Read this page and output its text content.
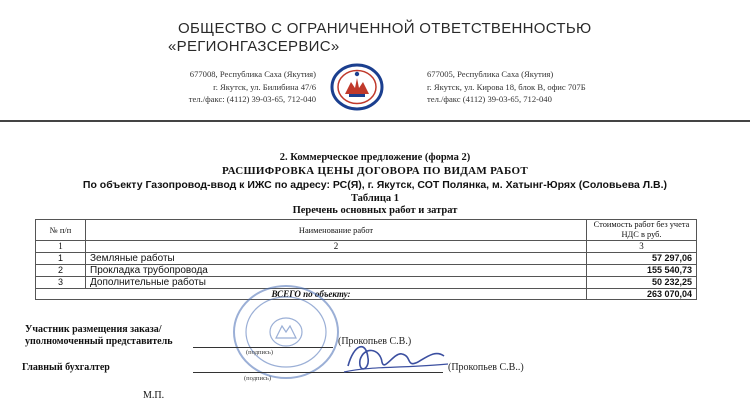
ОБЩЕСТВО С ОГРАНИЧЕННОЙ ОТВЕТСТВЕННОСТЬЮ
«РЕГИОНГАЗСЕРВИС»
677008, Республика Саха (Якутия)
г. Якутск, ул. Билибина 47/6
тел./факс: (4112) 39-03-65, 712-040
677005, Республика Саха (Якутия)
г. Якутск, ул. Кирова 18, блок В, офис 707Б
тел./факс (4112) 39-03-65, 712-040
2. Коммерческое предложение (форма 2)
РАСШИФРОВКА ЦЕНЫ ДОГОВОРА ПО ВИДАМ РАБОТ
По объекту Газопровод-ввод к ИЖС по адресу: РС(Я), г. Якутск, СОТ Полянка, м. Хатынг-Юрях (Соловьева Л.В.)
Таблица 1
Перечень основных работ и затрат
№ п/п	Наименование работ	Стоимость работ без учета НДС в руб.
1	2	3
1	Земляные работы	57 297,06
2	Прокладка трубопровода	155 540,73
3	Дополнительные работы	50 232,25
ВСЕГО по объекту:		263 070,04
Участник размещения заказа/
уполномоченный представитель
(подпись)
(Прокопьев С.В.)
Главный бухгалтер
(подпись)
(Прокопьев С.В..)
М.П.
